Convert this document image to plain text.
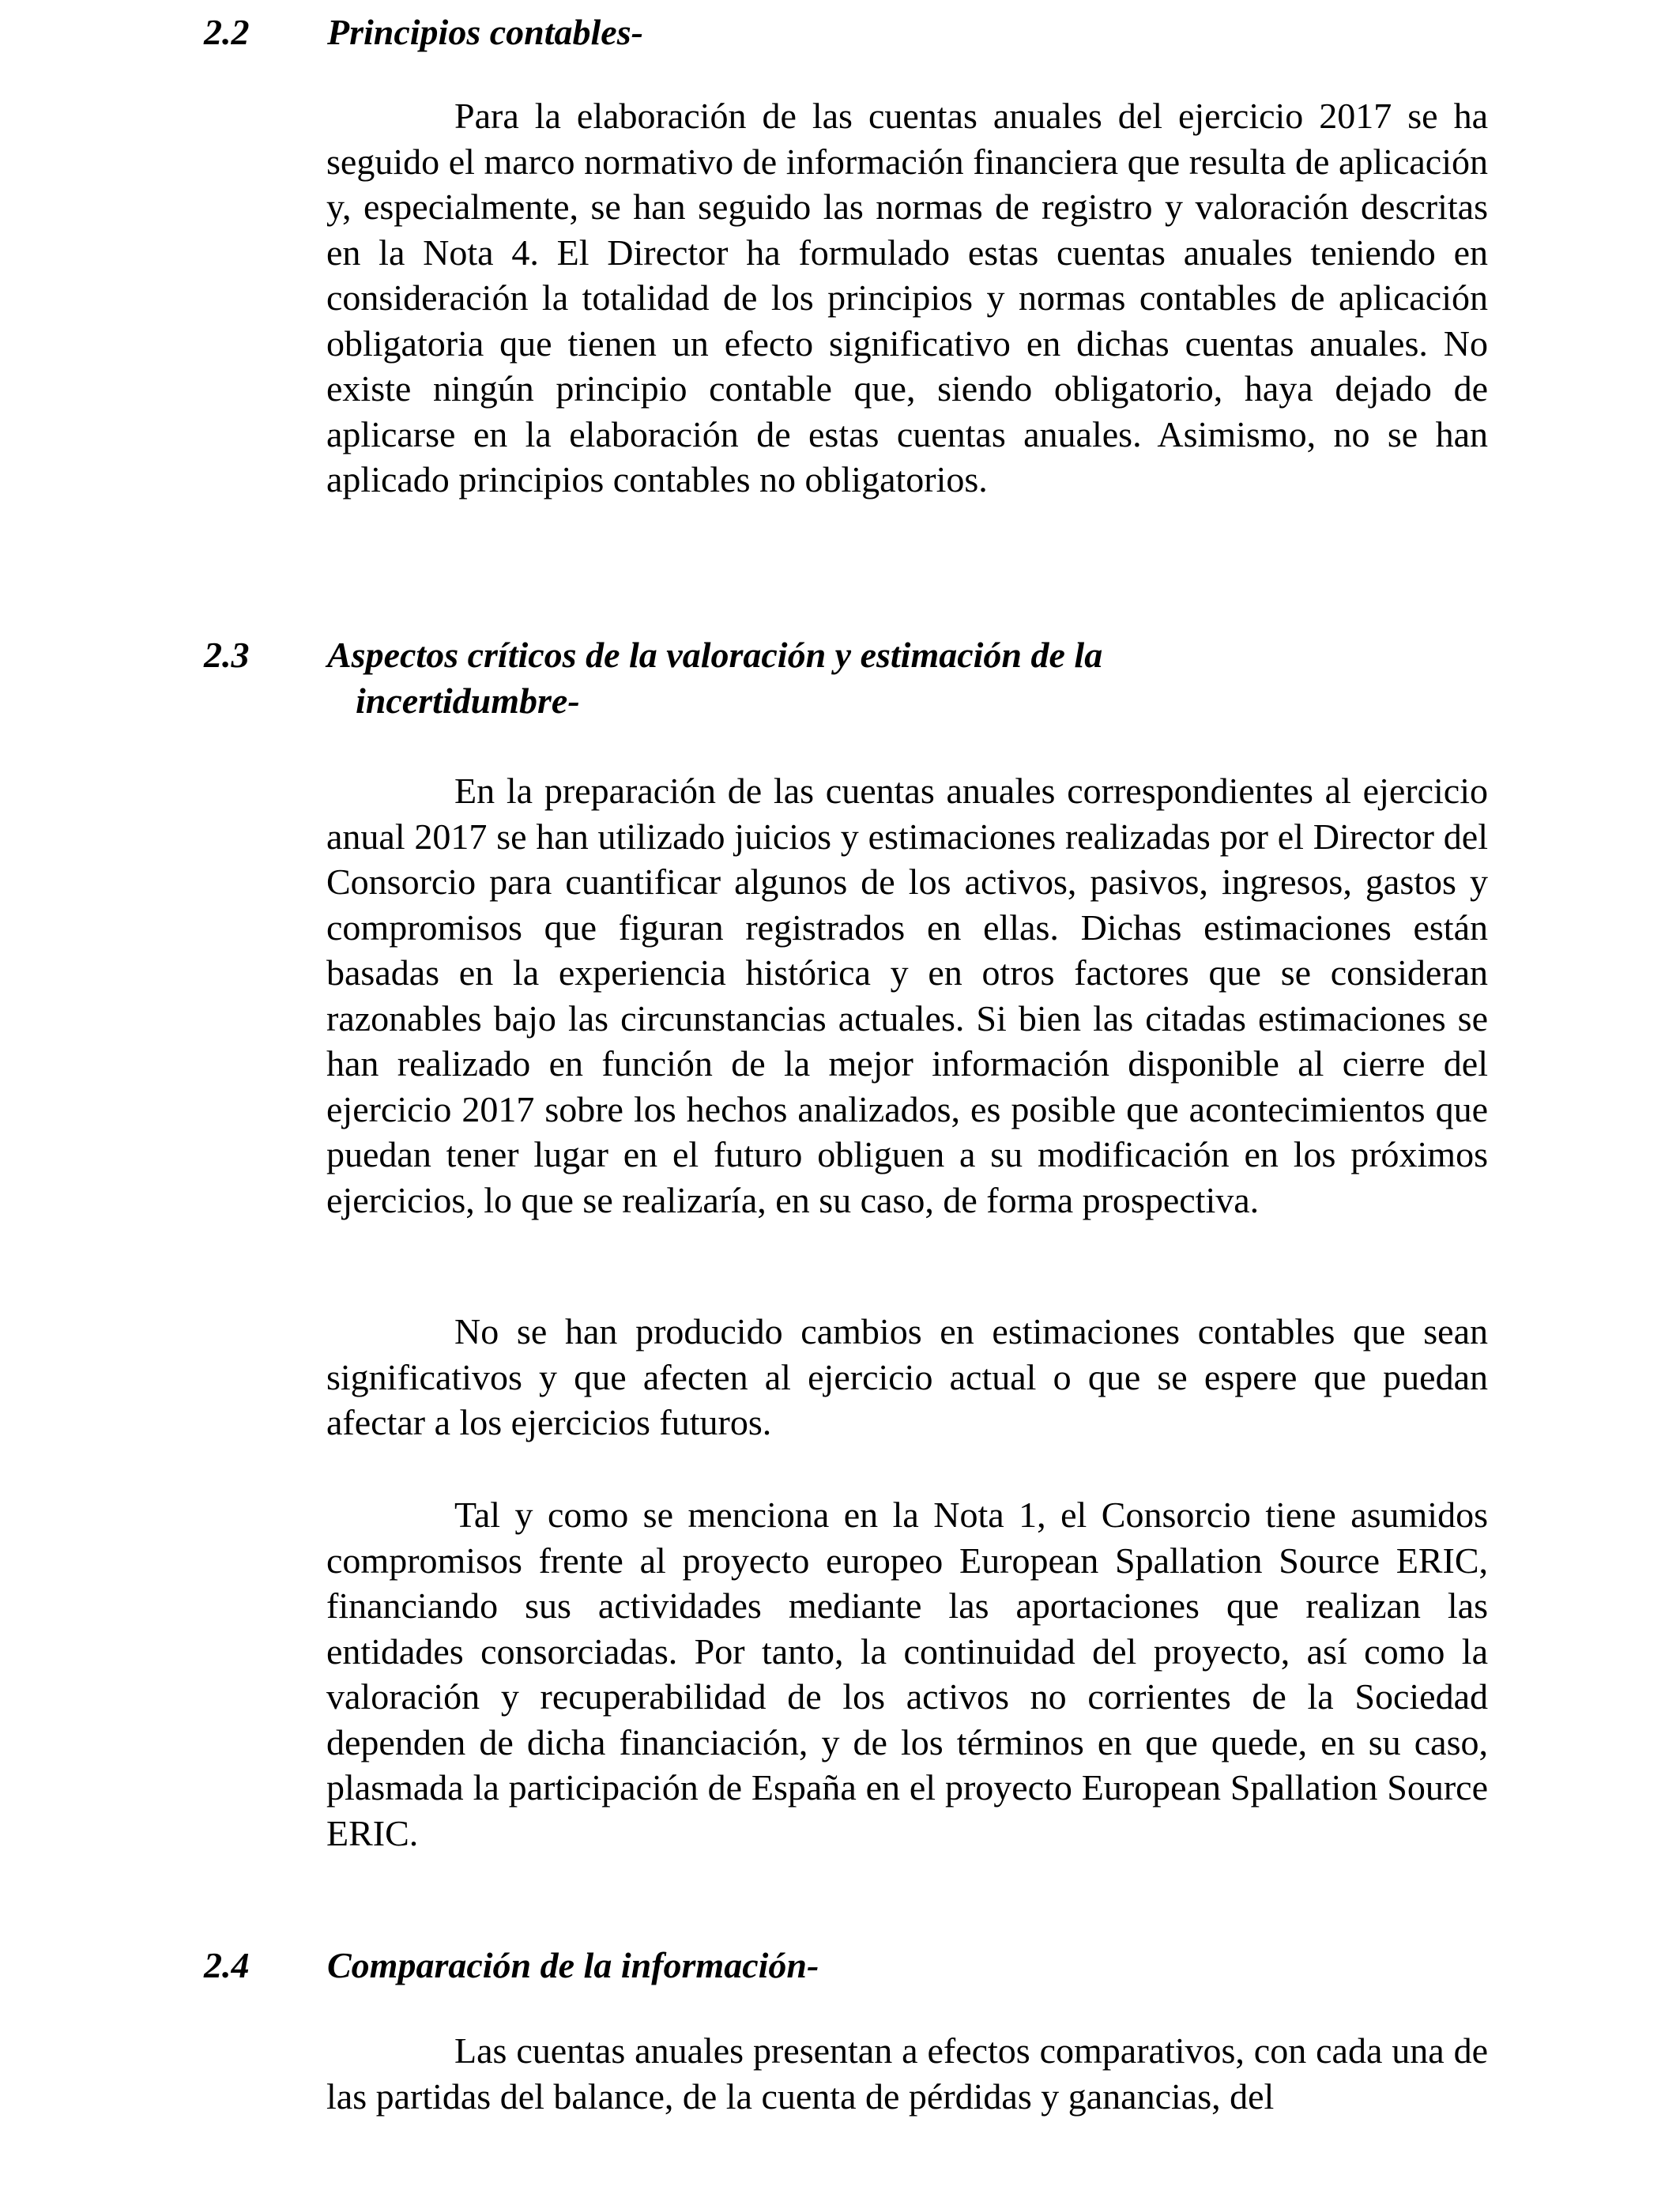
2.2 Principios contables-

Para la elaboración de las cuentas anuales del ejercicio 2017 se ha seguido el marco normativo de información financiera que resulta de aplicación y, especialmente, se han seguido las normas de registro y valoración descritas en la Nota 4. El Director ha formulado estas cuentas anuales teniendo en consideración la totalidad de los principios y normas contables de aplicación obligatoria que tienen un efecto significativo en dichas cuentas anuales. No existe ningún principio contable que, siendo obligatorio, haya dejado de aplicarse en la elaboración de estas cuentas anuales. Asimismo, no se han aplicado principios contables no obligatorios.

2.3 Aspectos críticos de la valoración y estimación de la
incertidumbre-

En la preparación de las cuentas anuales correspondientes al ejercicio anual 2017 se han utilizado juicios y estimaciones realizadas por el Director del Consorcio para cuantificar algunos de los activos, pasivos, ingresos, gastos y compromisos que figuran registrados en ellas. Dichas estimaciones están basadas en la experiencia histórica y en otros factores que se consideran razonables bajo las circunstancias actuales. Si bien las citadas estimaciones se han realizado en función de la mejor información disponible al cierre del ejercicio 2017 sobre los hechos analizados, es posible que acontecimientos que puedan tener lugar en el futuro obliguen a su modificación en los próximos ejercicios, lo que se realizaría, en su caso, de forma prospectiva.

No se han producido cambios en estimaciones contables que sean significativos y que afecten al ejercicio actual o que se espere que puedan afectar a los ejercicios futuros.

Tal y como se menciona en la Nota 1, el Consorcio tiene asumidos compromisos frente al proyecto europeo European Spallation Source ERIC, financiando sus actividades mediante las aportaciones que realizan las entidades consorciadas. Por tanto, la continuidad del proyecto, así como la valoración y recuperabilidad de los activos no corrientes de la Sociedad dependen de dicha financiación, y de los términos en que quede, en su caso, plasmada la participación de España en el proyecto European Spallation Source ERIC.

2.4 Comparación de la información-

Las cuentas anuales presentan a efectos comparativos, con cada una de las partidas del balance, de la cuenta de pérdidas y ganancias, del
